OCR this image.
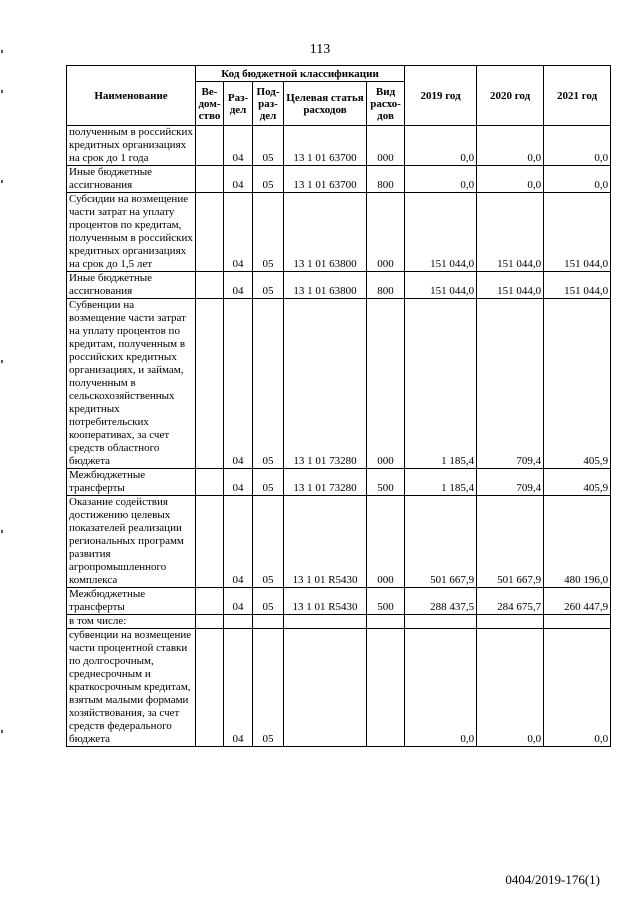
113
Наименование	Код бюджетной классификации					2019 год	2020 год	2021 год
	Ве-дом-ство	Раз-дел	Под-раз-дел	Целевая статья расходов	Вид расхо-дов			
полученным в российских кредитных организациях на срок до 1 года		04	05	13 1 01 63700	000	0,0	0,0	0,0
Иные бюджетные ассигнования		04	05	13 1 01 63700	800	0,0	0,0	0,0
Субсидии на возмещение части затрат на уплату процентов по кредитам, полученным в российских кредитных организациях на срок до 1,5 лет		04	05	13 1 01 63800	000	151 044,0	151 044,0	151 044,0
Иные бюджетные ассигнования		04	05	13 1 01 63800	800	151 044,0	151 044,0	151 044,0
Субвенции на возмещение части затрат на уплату процентов по кредитам, полученным в российских кредитных организациях, и займам, полученным в сельскохозяйственных кредитных потребительских кооперативах, за счет средств областного бюджета		04	05	13 1 01 73280	000	1 185,4	709,4	405,9
Межбюджетные трансферты		04	05	13 1 01 73280	500	1 185,4	709,4	405,9
Оказание содействия достижению целевых показателей реализации региональных программ развития агропромышленного комплекса		04	05	13 1 01 R5430	000	501 667,9	501 667,9	480 196,0
Межбюджетные трансферты		04	05	13 1 01 R5430	500	288 437,5	284 675,7	260 447,9
в том числе:								
субвенции на возмещение части процентной ставки по долгосрочным, среднесрочным и краткосрочным кредитам, взятым малыми формами хозяйствования, за счет средств федерального бюджета		04	05			0,0	0,0	0,0
0404/2019-176(1)
